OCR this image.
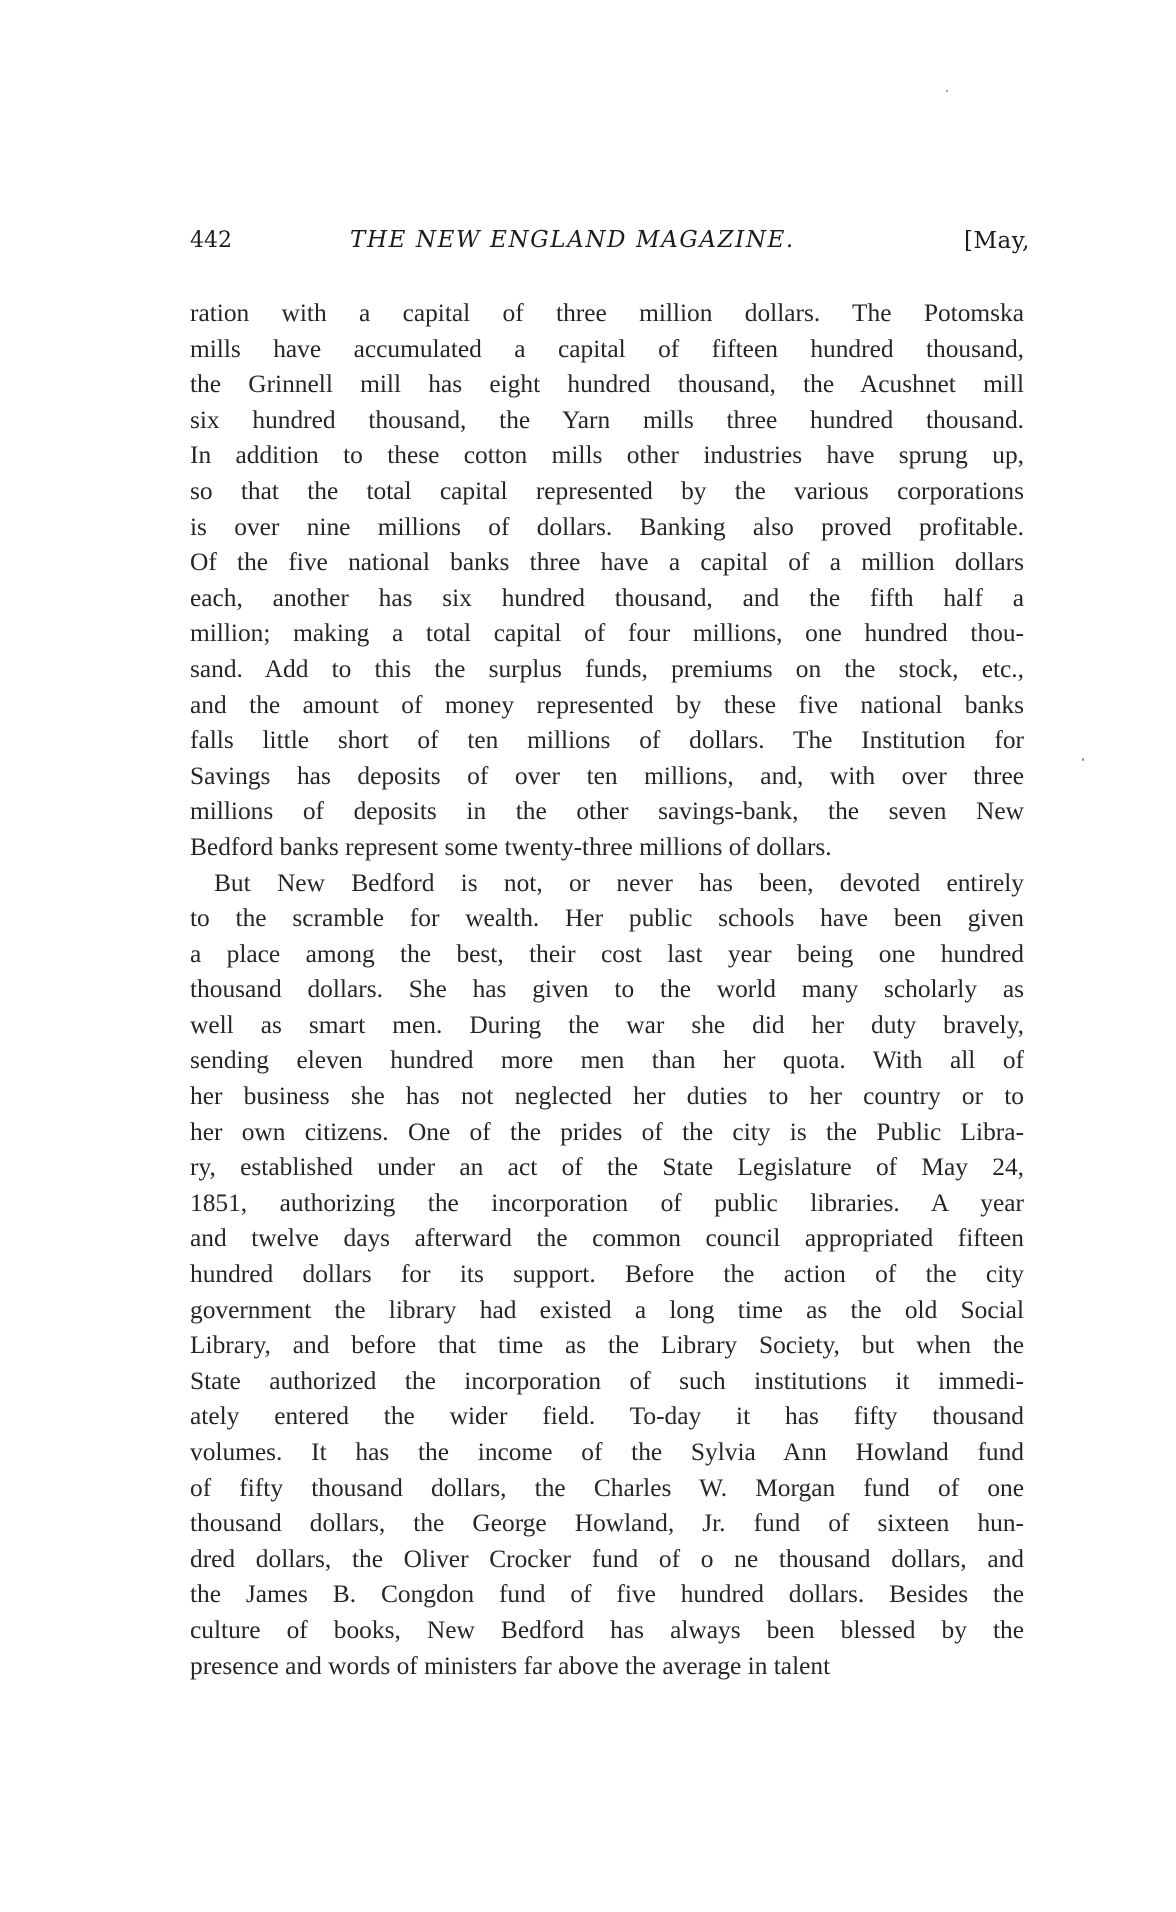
442	THE NEW ENGLAND MAGAZINE.	[May,
ration with a capital of three million dollars. The Potomska
mills have accumulated a capital of fifteen hundred thousand,
the Grinnell mill has eight hundred thousand, the Acushnet mill
six hundred thousand, the Yarn mills three hundred thousand.
In addition to these cotton mills other industries have sprung up,
so that the total capital represented by the various corporations
is over nine millions of dollars. Banking also proved profitable.
Of the five national banks three have a capital of a million dollars
each, another has six hundred thousand, and the fifth half a
million; making a total capital of four millions, one hundred thou-
sand. Add to this the surplus funds, premiums on the stock, etc.,
and the amount of money represented by these five national banks
falls little short of ten millions of dollars. The Institution for
Savings has deposits of over ten millions, and, with over three
millions of deposits in the other savings-bank, the seven New
Bedford banks represent some twenty-three millions of dollars.
But New Bedford is not, or never has been, devoted entirely
to the scramble for wealth. Her public schools have been given
a place among the best, their cost last year being one hundred
thousand dollars. She has given to the world many scholarly as
well as smart men. During the war she did her duty bravely,
sending eleven hundred more men than her quota. With all of
her business she has not neglected her duties to her country or to
her own citizens. One of the prides of the city is the Public Libra-
ry, established under an act of the State Legislature of May 24,
1851, authorizing the incorporation of public libraries. A year
and twelve days afterward the common council appropriated fifteen
hundred dollars for its support. Before the action of the city
government the library had existed a long time as the old Social
Library, and before that time as the Library Society, but when the
State authorized the incorporation of such institutions it immedi-
ately entered the wider field. To-day it has fifty thousand
volumes. It has the income of the Sylvia Ann Howland fund
of fifty thousand dollars, the Charles W. Morgan fund of one
thousand dollars, the George Howland, Jr. fund of sixteen hun-
dred dollars, the Oliver Crocker fund of o ne thousand dollars, and
the James B. Congdon fund of five hundred dollars. Besides the
culture of books, New Bedford has always been blessed by the
presence and words of ministers far above the average in talent
